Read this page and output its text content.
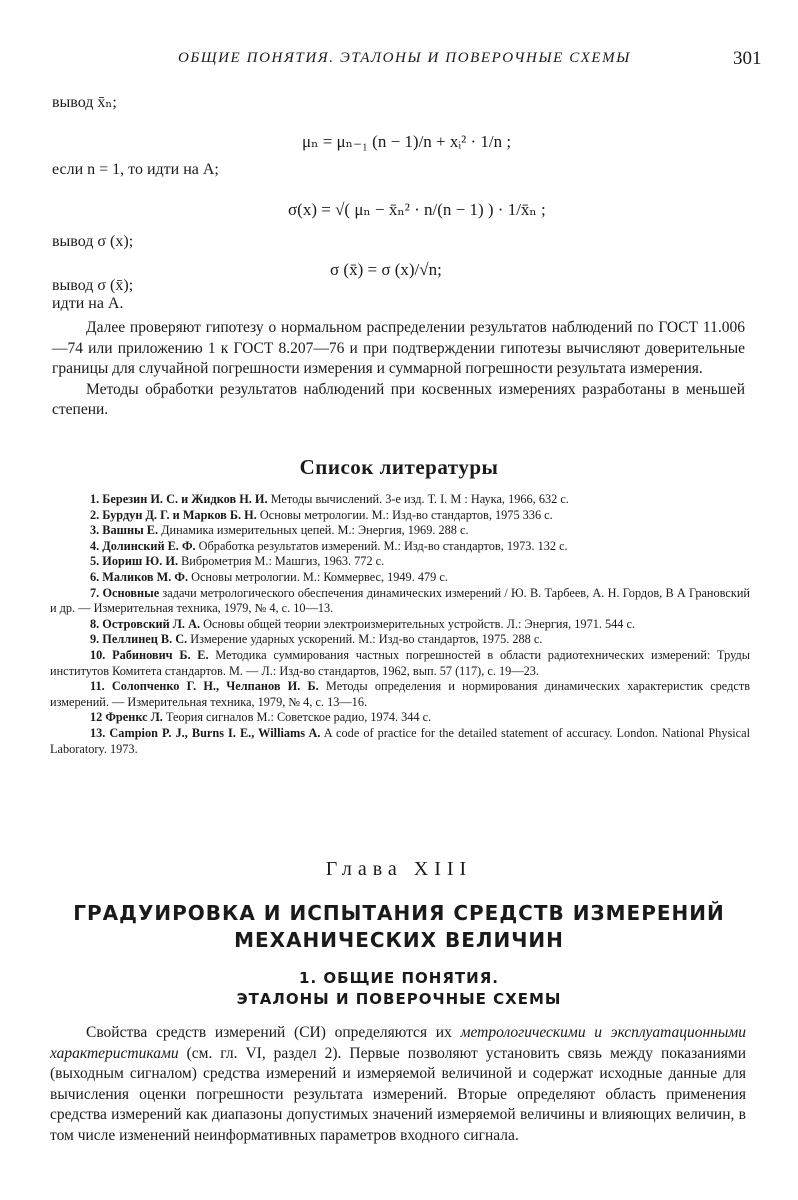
ОБЩИЕ ПОНЯТИЯ. ЭТАЛОНЫ И ПОВЕРОЧНЫЕ СХЕМЫ	301
вывод x̄ₙ;
μₙ = μₙ₋₁ (n − 1)/n + xᵢ² · 1/n ;
если n = 1, то идти на А;
σ(x) = √( μₙ − x̄ₙ² · n/(n − 1) ) · 1/x̄ₙ ;
вывод σ (x);
σ (x̄) = σ (x)/√n;
вывод σ (x̄);
идти на А.

Далее проверяют гипотезу о нормальном распределении результатов наблюдений по ГОСТ 11.006—74 или приложению 1 к ГОСТ 8.207—76 и при подтверждении гипотезы вычисляют доверительные границы для случайной погрешности измерения и суммарной погрешности результата измерения.

Методы обработки результатов наблюдений при косвенных измерениях разработаны в меньшей степени.

Список литературы
1. Березин И. С. и Жидков Н. И. Методы вычислений. 3-е изд. Т. I. М : Наука, 1966, 632 с.
2. Бурдун Д. Г. и Марков Б. Н. Основы метрологии. М.: Изд-во стандартов, 1975 336 с.
3. Вашны Е. Динамика измерительных цепей. М.: Энергия, 1969. 288 с.
4. Долинский Е. Ф. Обработка результатов измерений. М.: Изд-во стандартов, 1973. 132 с.
5. Иориш Ю. И. Виброметрия М.: Машгиз, 1963. 772 с.
6. Маликов М. Ф. Основы метрологии. М.: Коммервес, 1949. 479 с.
7. Основные задачи метрологического обеспечения динамических измерений / Ю. В. Тарбеев, А. Н. Гордов, В А Грановский и др. — Измерительная техника, 1979, № 4, с. 10—13.
8. Островский Л. А. Основы общей теории электроизмерительных устройств. Л.: Энергия, 1971. 544 с.
9. Пеллинец В. С. Измерение ударных ускорений. М.: Изд-во стандартов, 1975. 288 с.
10. Рабинович Б. Е. Методика суммирования частных погрешностей в области радиотехнических измерений: Труды институтов Комитета стандартов. М. — Л.: Изд-во стандартов, 1962, вып. 57 (117), с. 19—23.
11. Солопченко Г. Н., Челпанов И. Б. Методы определения и нормирования динамических характеристик средств измерений. — Измерительная техника, 1979, № 4, с. 13—16.
12 Френкс Л. Теория сигналов М.: Советское радио, 1974. 344 с.
13. Campion P. J., Burns I. E., Williams A. A code of practice for the detailed statement of accuracy. London. National Physical Laboratory. 1973.
Глава XIII
ГРАДУИРОВКА И ИСПЫТАНИЯ СРЕДСТВ ИЗМЕРЕНИЙ
МЕХАНИЧЕСКИХ ВЕЛИЧИН
1. ОБЩИЕ ПОНЯТИЯ.
ЭТАЛОНЫ И ПОВЕРОЧНЫЕ СХЕМЫ

Свойства средств измерений (СИ) определяются их метрологическими и эксплуатационными характеристиками (см. гл. VI, раздел 2). Первые позволяют установить связь между показаниями (выходным сигналом) средства измерений и измеряемой величиной и содержат исходные данные для вычисления оценки погрешности результата измерений. Вторые определяют область применения средства измерений как диапазоны допустимых значений измеряемой величины и влияющих величин, в том числе изменений неинформативных параметров входного сигнала.
